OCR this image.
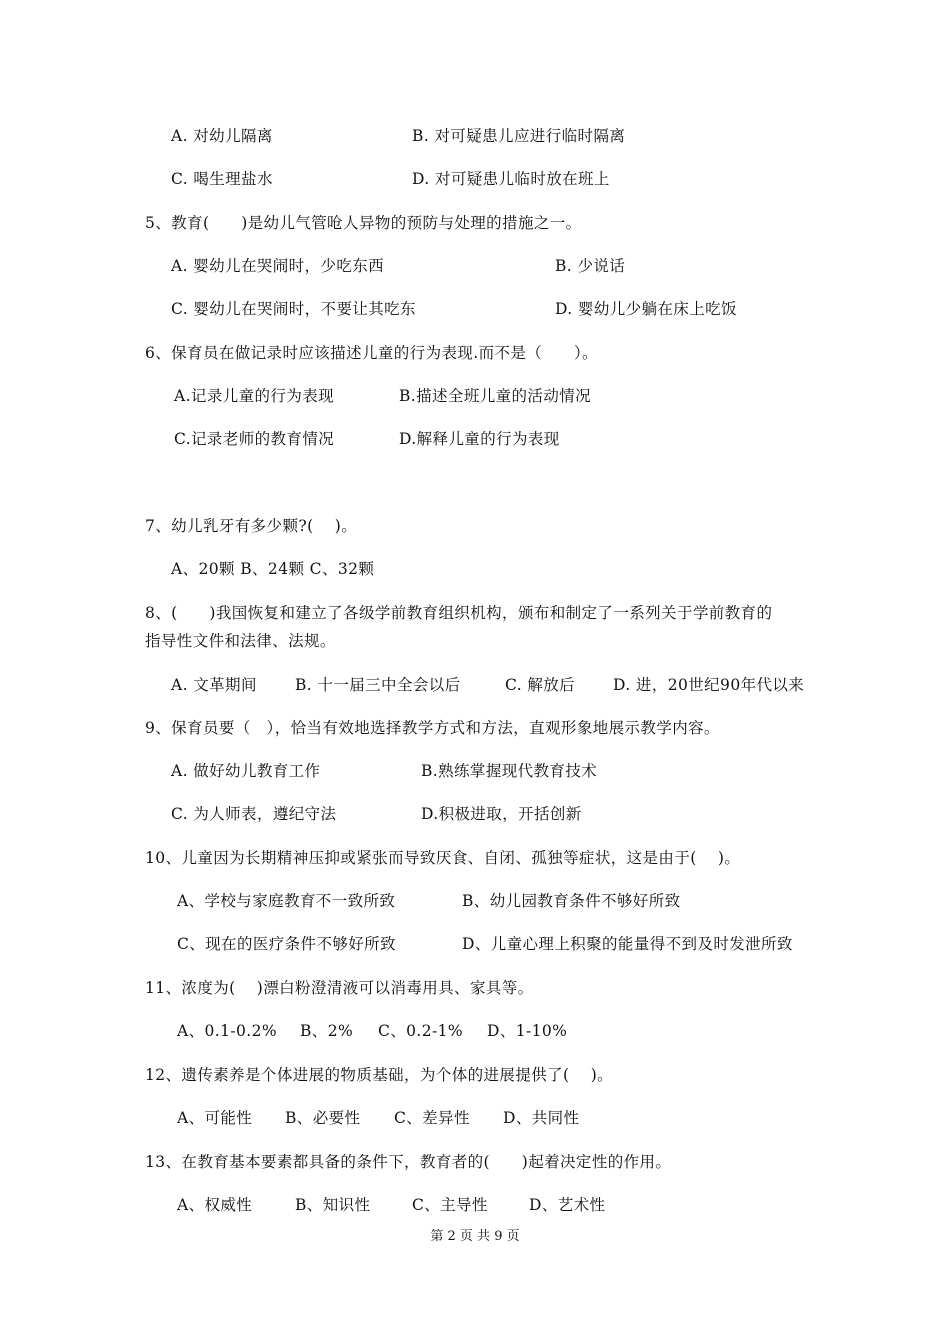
A. 对幼儿隔离	B. 对可疑患儿应进行临时隔离
C. 喝生理盐水	D. 对可疑患儿临时放在班上
5、教育(　　)是幼儿气管呛人异物的预防与处理的措施之一。
A. 婴幼儿在哭闹时，少吃东西	B. 少说话
C. 婴幼儿在哭闹时，不要让其吃东	D. 婴幼儿少躺在床上吃饭
6、保育员在做记录时应该描述儿童的行为表现.而不是（　　）。
A.记录儿童的行为表现	B.描述全班儿童的活动情况
C.记录老师的教育情况	D.解释儿童的行为表现
7、幼儿乳牙有多少颗?(　 )。
A、20颗 B、24颗 C、32颗
8、(　　)我国恢复和建立了各级学前教育组织机构，颁布和制定了一系列关于学前教育的
指导性文件和法律、法规。
A. 文革期间 B. 十一届三中全会以后	C. 解放后 D. 进，20世纪90年代以来
9、保育员要（　），恰当有效地选择教学方式和方法，直观形象地展示教学内容。
A. 做好幼儿教育工作	B.熟练掌握现代教育技术
C. 为人师表，遵纪守法	D.积极进取，开括创新
10、儿童因为长期精神压抑或紧张而导致厌食、自闭、孤独等症状，这是由于(　 )。
A、学校与家庭教育不一致所致	B、幼儿园教育条件不够好所致
C、现在的医疗条件不够好所致	D、儿童心理上积聚的能量得不到及时发泄所致
11、浓度为(　 )漂白粉澄清液可以消毒用具、家具等。
A、0.1-0.2% B、2% C、0.2-1% D、1-10%
12、遗传素养是个体进展的物质基础，为个体的进展提供了(　 )。
A、可能性 B、必要性 C、差异性 D、共同性
13、在教育基本要素都具备的条件下，教育者的(　　)起着决定性的作用。
A、权威性	B、知识性	C、主导性	D、艺术性
第 2 页 共 9 页
